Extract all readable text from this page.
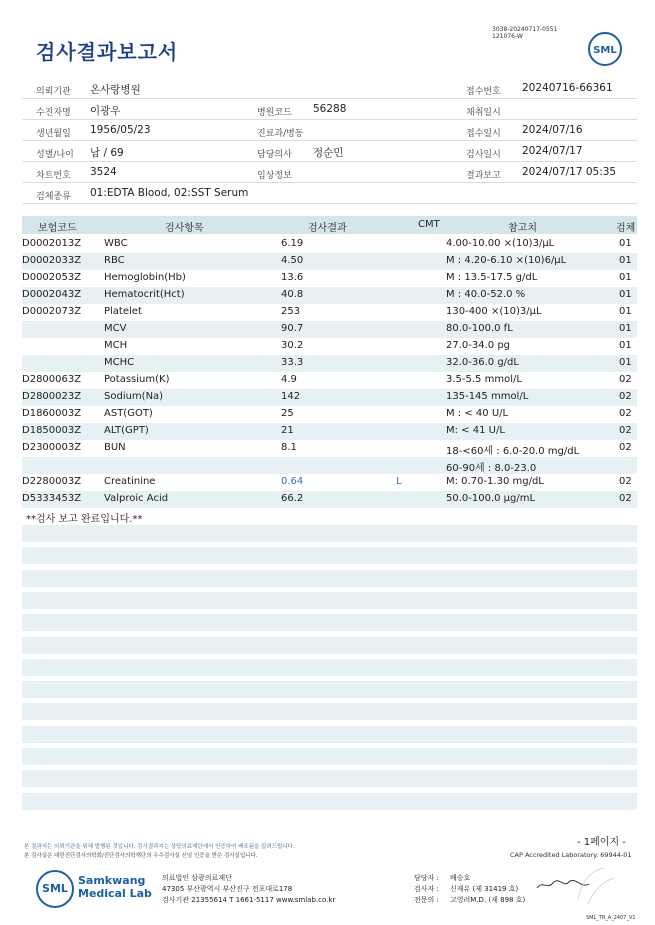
검사결과보고서
3038-20240717-0551
121076-W
SML
의뢰기관 온사랑병원	접수번호 20240716-66361
수진자명 이광우	병원코드 56288	채취일시
생년월일 1956/05/23	진료과/병동	접수일시 2024/07/16
성별/나이 남 / 69	담당의사 정순민	검사일시 2024/07/17
차트번호 3524	임상정보	결과보고 2024/07/17 05:35
검체종류 01:EDTA Blood, 02:SST Serum
보험코드	검사항목	검사결과	CMT	참고치	검체
D0002013Z WBC	6.19	4.00-10.00 ×(10)3/μL	01
D0002033Z RBC	4.50	M : 4.20-6.10 ×(10)6/μL	01
D0002053Z Hemoglobin(Hb)	13.6	M : 13.5-17.5 g/dL	01
D0002043Z Hematocrit(Hct)	40.8	M : 40.0-52.0 %	01
D0002073Z Platelet	253	130-400 ×(10)3/μL	01
MCV	90.7	80.0-100.0 fL	01
MCH	30.2	27.0-34.0 pg	01
MCHC	33.3	32.0-36.0 g/dL	01
D2800063Z Potassium(K)	4.9	3.5-5.5 mmol/L	02
D2800023Z Sodium(Na)	142	135-145 mmol/L	02
D1860003Z AST(GOT)	25	M : < 40 U/L	02
D1850003Z ALT(GPT)	21	M: < 41 U/L	02
D2300003Z BUN	8.1	18-<60세 : 6.0-20.0 mg/dL	02
60-90세 : 8.0-23.0
D2280003Z Creatinine	0.64	L	M: 0.70-1.30 mg/dL	02
D5333453Z Valproic Acid	66.2	50.0-100.0 μg/mL	02
**검사 보고 완료입니다.**
- 1페이지 -
본 결과지는 의뢰기관을 위해 발행된 것입니다. 검사결과지는 상당의료재단에서 인증하여 배포됨을 알려드립니다.
본 검사실은 대한진단검사의학회/진단검사의학재단의 우수검사실 신임 인증을 받은 검사실입니다.	CAP Accredited Laboratory. 69944-01
SML
Samkwang
Medical Lab
의료법인 삼광의료재단
47305 부산광역시 부산진구 전포대로178
검사기관 21355614 T 1661-5117 www.smlab.co.kr
담당자 : 배승호
검사자 : 신재유 (제 31419 호)
전문의 : 고영려M.D. (제 898 호)
SML_TR_A_2407_V1
